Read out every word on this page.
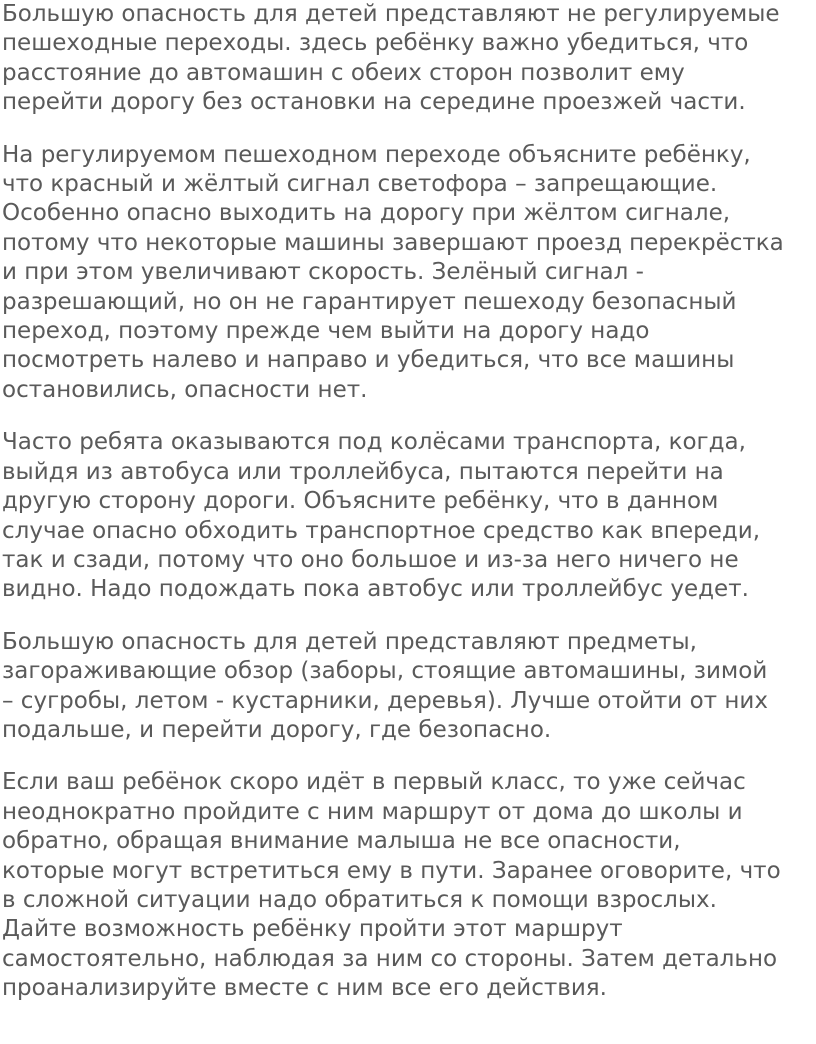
Большую опасность для детей представляют не регулируемые
пешеходные переходы. здесь ребёнку важно убедиться, что
расстояние до автомашин с обеих сторон позволит ему
перейти дорогу без остановки на середине проезжей части.
На регулируемом пешеходном переходе объясните ребёнку,
что красный и жёлтый сигнал светофора – запрещающие.
Особенно опасно выходить на дорогу при жёлтом сигнале,
потому что некоторые машины завершают проезд перекрёстка
и при этом увеличивают скорость. Зелёный сигнал -
разрешающий, но он не гарантирует пешеходу безопасный
переход, поэтому прежде чем выйти на дорогу надо
посмотреть налево и направо и убедиться, что все машины
остановились, опасности нет.
Часто ребята оказываются под колёсами транспорта, когда,
выйдя из автобуса или троллейбуса, пытаются перейти на
другую сторону дороги. Объясните ребёнку, что в данном
случае опасно обходить транспортное средство как впереди,
так и сзади, потому что оно большое и из-за него ничего не
видно. Надо подождать пока автобус или троллейбус уедет.
Большую опасность для детей представляют предметы,
загораживающие обзор (заборы, стоящие автомашины, зимой
– сугробы, летом - кустарники, деревья). Лучше отойти от них
подальше, и перейти дорогу, где безопасно.
Если ваш ребёнок скоро идёт в первый класс, то уже сейчас
неоднократно пройдите с ним маршрут от дома до школы и
обратно, обращая внимание малыша не все опасности,
которые могут встретиться ему в пути. Заранее оговорите, что
в сложной ситуации надо обратиться к помощи взрослых.
Дайте возможность ребёнку пройти этот маршрут
самостоятельно, наблюдая за ним со стороны. Затем детально
проанализируйте вместе с ним все его действия.
